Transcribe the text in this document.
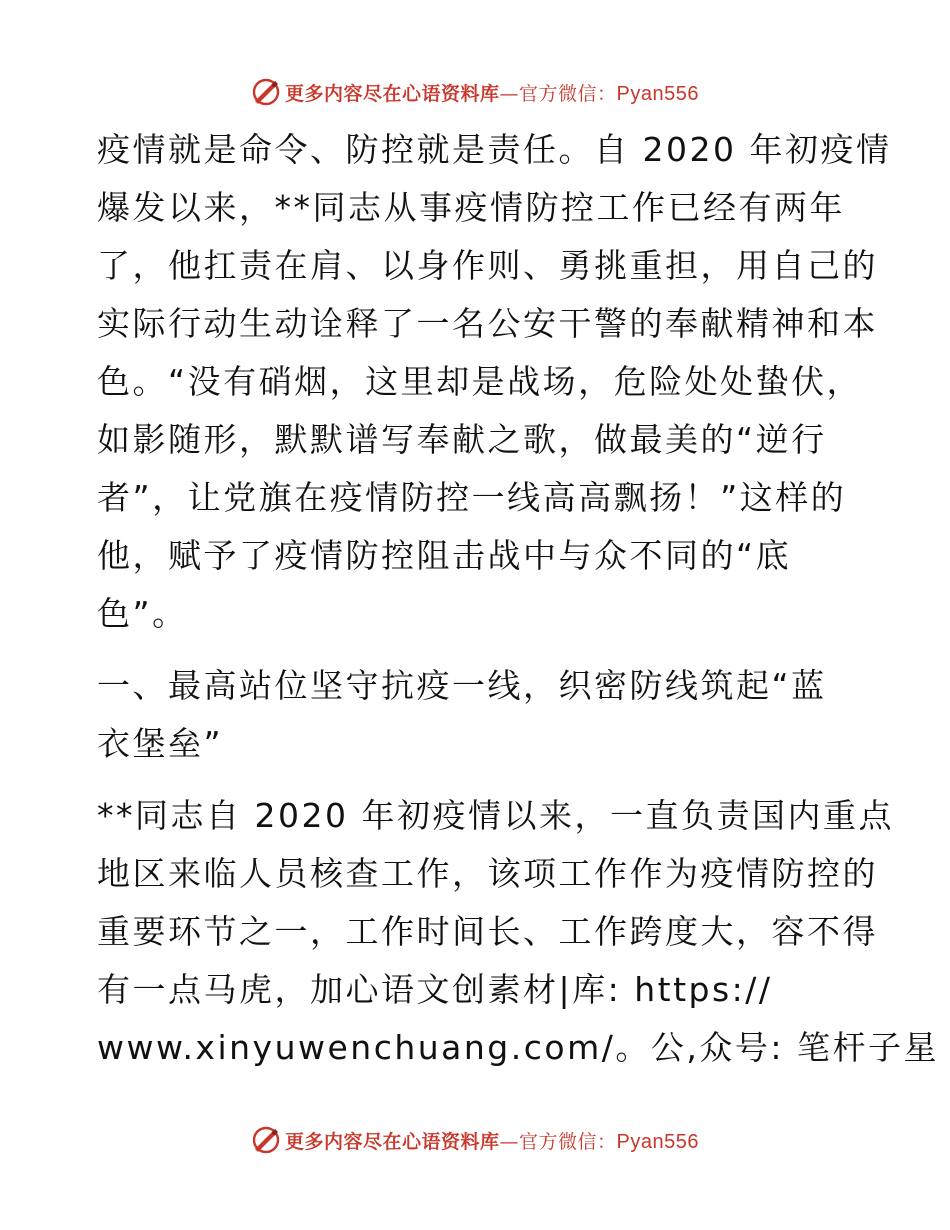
更多内容尽在心语资料库—官方微信：Pyan556

疫情就是命令、防控就是责任。自 2020 年初疫情
爆发以来，**同志从事疫情防控工作已经有两年
了，他扛责在肩、以身作则、勇挑重担，用自己的
实际行动生动诠释了一名公安干警的奉献精神和本
色。“没有硝烟，这里却是战场，危险处处蛰伏，
如影随形，默默谱写奉献之歌，做最美的“逆行
者”，让党旗在疫情防控一线高高飘扬！”这样的
他，赋予了疫情防控阻击战中与众不同的“底
色”。

一、最高站位坚守抗疫一线，织密防线筑起“蓝
衣堡垒”

**同志自 2020 年初疫情以来，一直负责国内重点
地区来临人员核查工作，该项工作作为疫情防控的
重要环节之一，工作时间长、工作跨度大，容不得
有一点马虎，加心语文创素材|库: https://
www.xinyuwenchuang.com/。公,众号: 笔杆子星

更多内容尽在心语资料库—官方微信：Pyan556
